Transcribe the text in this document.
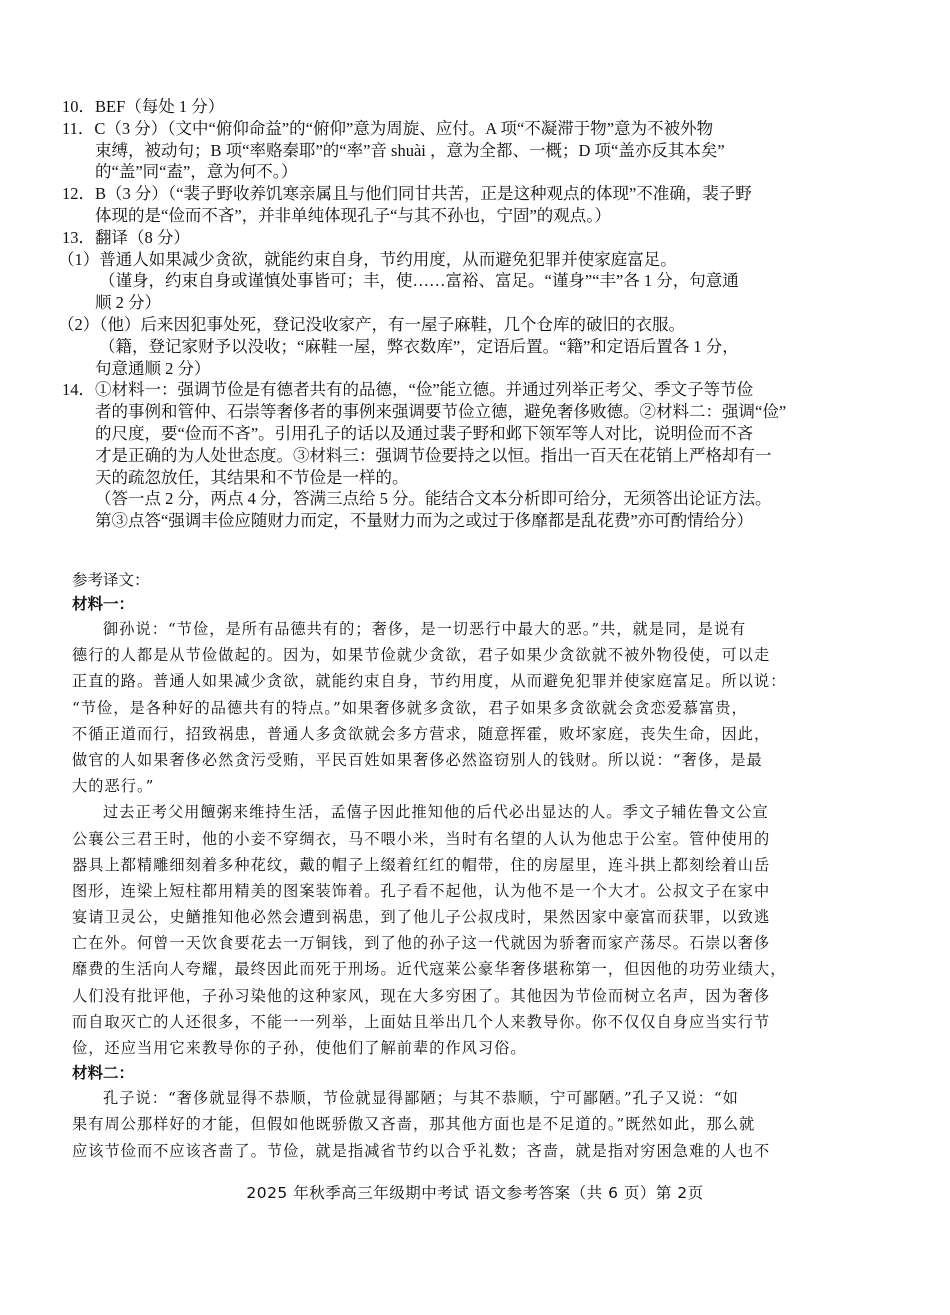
10．BEF（每处 1 分）
11．C（3 分）（文中“俯仰命益”的“俯仰”意为周旋、应付。A 项“不凝滞于物”意为不被外物
束缚，被动句；B 项“率赂秦耶”的“率”音 shuài ，意为全都、一概；D 项“盖亦反其本矣”
的“盖”同“盍”，意为何不。）
12．B（3 分）（“裴子野收养饥寒亲属且与他们同甘共苦，正是这种观点的体现”不准确，裴子野
体现的是“俭而不吝”，并非单纯体现孔子“与其不孙也，宁固”的观点。）
13．翻译（8 分）
（1）普通人如果减少贪欲，就能约束自身，节约用度，从而避免犯罪并使家庭富足。
（谨身，约束自身或谨慎处事皆可；丰，使……富裕、富足。“谨身”“丰”各 1 分，句意通
顺 2 分）
（2）（他）后来因犯事处死，登记没收家产，有一屋子麻鞋，几个仓库的破旧的衣服。
（籍，登记家财予以没收；“麻鞋一屋，弊衣数库”，定语后置。“籍”和定语后置各 1 分，
句意通顺 2 分）
14．①材料一：强调节俭是有德者共有的品德，“俭”能立德。并通过列举正考父、季文子等节俭
者的事例和管仲、石崇等奢侈者的事例来强调要节俭立德，避免奢侈败德。②材料二：强调“俭”
的尺度，要“俭而不吝”。引用孔子的话以及通过裴子野和邺下领军等人对比，说明俭而不吝
才是正确的为人处世态度。③材料三：强调节俭要持之以恒。指出一百天在花销上严格却有一
天的疏忽放任，其结果和不节俭是一样的。
（答一点 2 分，两点 4 分，答满三点给 5 分。能结合文本分析即可给分，无须答出论证方法。
第③点答“强调丰俭应随财力而定，不量财力而为之或过于侈靡都是乱花费”亦可酌情给分）
参考译文：
材料一：
御孙说：“节俭，是所有品德共有的；奢侈，是一切恶行中最大的恶。”共，就是同，是说有
德行的人都是从节俭做起的。因为，如果节俭就少贪欲，君子如果少贪欲就不被外物役使，可以走
正直的路。普通人如果减少贪欲，就能约束自身，节约用度，从而避免犯罪并使家庭富足。所以说：
“节俭，是各种好的品德共有的特点。”如果奢侈就多贪欲，君子如果多贪欲就会贪恋爱慕富贵，
不循正道而行，招致祸患，普通人多贪欲就会多方营求，随意挥霍，败坏家庭，丧失生命，因此，
做官的人如果奢侈必然贪污受贿，平民百姓如果奢侈必然盗窃别人的钱财。所以说：“奢侈，是最
大的恶行。”
过去正考父用饘粥来维持生活，孟僖子因此推知他的后代必出显达的人。季文子辅佐鲁文公宣
公襄公三君王时，他的小妾不穿绸衣，马不喂小米，当时有名望的人认为他忠于公室。管仲使用的
器具上都精雕细刻着多种花纹，戴的帽子上缀着红红的帽带，住的房屋里，连斗拱上都刻绘着山岳
图形，连梁上短柱都用精美的图案装饰着。孔子看不起他，认为他不是一个大才。公叔文子在家中
宴请卫灵公，史鰌推知他必然会遭到祸患，到了他儿子公叔戌时，果然因家中豪富而获罪，以致逃
亡在外。何曾一天饮食要花去一万铜钱，到了他的孙子这一代就因为骄奢而家产荡尽。石崇以奢侈
靡费的生活向人夸耀，最终因此而死于刑场。近代寇莱公豪华奢侈堪称第一，但因他的功劳业绩大，
人们没有批评他，子孙习染他的这种家风，现在大多穷困了。其他因为节俭而树立名声，因为奢侈
而自取灭亡的人还很多，不能一一列举，上面姑且举出几个人来教导你。你不仅仅自身应当实行节
俭，还应当用它来教导你的子孙，使他们了解前辈的作风习俗。
材料二：
孔子说：“奢侈就显得不恭顺，节俭就显得鄙陋；与其不恭顺，宁可鄙陋。”孔子又说：“如
果有周公那样好的才能，但假如他既骄傲又吝啬，那其他方面也是不足道的。”既然如此，那么就
应该节俭而不应该吝啬了。节俭，就是指减省节约以合乎礼数；吝啬，就是指对穷困急难的人也不
2025 年秋季高三年级期中考试 语文参考答案（共 6 页）第 2页
